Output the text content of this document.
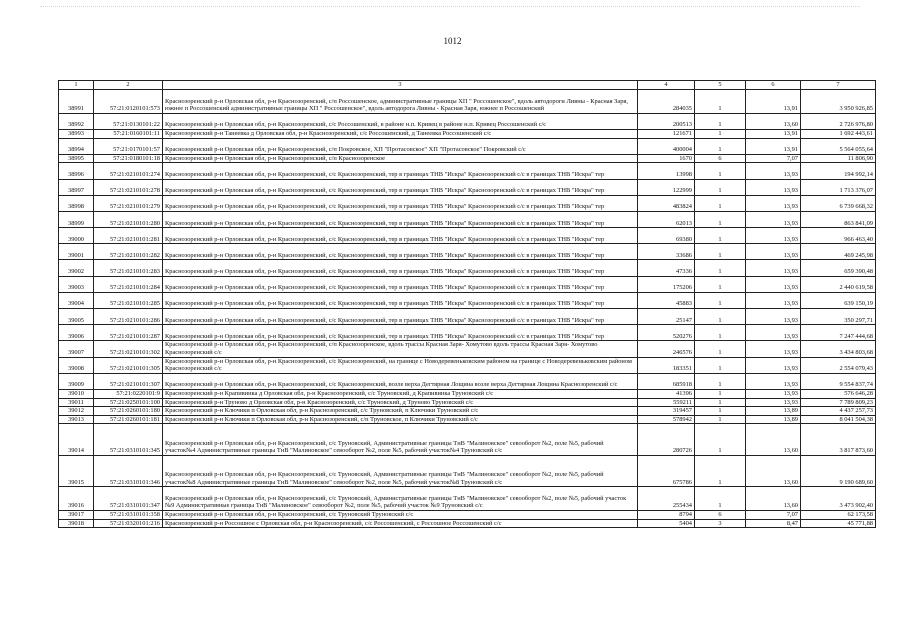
1012
1	2	3	4	5	6	7
38991	57:21:0120101:573	Краснозоренский р-н Орловская обл, р-н Краснозоренский, с/п Россошенское, административные границы ХП " Россошенское", вдоль автодороги Ливны - Красная Заря, южнее п Россошенский административные границы ХП " Россошенское", вдоль автодорога Ливны - Красная Заря, южнее п Россошенский	284035	1	13,91	3 950 926,85
38992	57:21:0130101:22	Краснозоренский р-н Орловская обл, р-н Краснозоренский, с/с Россошенский, в районе н.п. Кривец в районе н.п. Кривец Россошенский с/с	200513	1	13,60	2 726 976,80
38993	57:21:0160101:11	Краснозоренский р-н Танеевка д Орловская обл, р-н Краснозоренский, с/с Россошенский, д Танеевка Россошенский с/с	121671	1	13,91	1 692 443,61
38994	57:21:0170101:57	Краснозоренский р-н Орловская обл, р-н Краснозоренский, с/п Покровское, ХП "Протасовское" ХП "Протасовское" Покровский с/с	400004	1	13,91	5 564 055,64
38995	57:21:0180101:18	Краснозоренский р-н Орловская обл, р-н Краснозоренский, с/п Краснозоренское	1670	6	7,07	11 806,90
38996	57:21:0210101:274	Краснозоренский р-н Орловская обл, р-н Краснозоренский, с/с Краснозоренский, тер в границах ТНВ "Искра" Краснозоренский с/с в границах ТНВ "Искра" тер	13998	1	13,93	194 992,14
38997	57:21:0210101:278	Краснозоренский р-н Орловская обл, р-н Краснозоренский, с/с Краснозоренский, тер в границах ТНВ "Искра" Краснозоренский с/с в границах ТНВ "Искра" тер	122999	1	13,93	1 713 376,07
38998	57:21:0210101:279	Краснозоренский р-н Орловская обл, р-н Краснозоренский, с/с Краснозоренский, тер в границах ТНВ "Искра" Краснозоренский с/с в границах ТНВ "Искра" тер	483824	1	13,93	6 739 668,32
38999	57:21:0210101:280	Краснозоренский р-н Орловская обл, р-н Краснозоренский, с/с Краснозоренский, тер в границах ТНВ "Искра" Краснозоренский с/с в границах ТНВ "Искра" тер	62013	1	13,93	863 841,09
39000	57:21:0210101:281	Краснозоренский р-н Орловская обл, р-н Краснозоренский, с/с Краснозоренский, тер в границах ТНВ "Искра" Краснозоренский с/с в границах ТНВ "Искра" тер	69380	1	13,93	966 463,40
39001	57:21:0210101:282	Краснозоренский р-н Орловская обл, р-н Краснозоренский, с/с Краснозоренский, тер в границах ТНВ "Искра" Краснозоренский с/с в границах ТНВ "Искра" тер	33686	1	13,93	469 245,98
39002	57:21:0210101:283	Краснозоренский р-н Орловская обл, р-н Краснозоренский, с/с Краснозоренский, тер в границах ТНВ "Искра" Краснозоренский с/с в границах ТНВ "Искра" тер	47336	1	13,93	659 390,48
39003	57:21:0210101:284	Краснозоренский р-н Орловская обл, р-н Краснозоренский, с/с Краснозоренский, тер в границах ТНВ "Искра" Краснозоренский с/с в границах ТНВ "Искра" тер	175206	1	13,93	2 440 619,58
39004	57:21:0210101:285	Краснозоренский р-н Орловская обл, р-н Краснозоренский, с/с Краснозоренский, тер в границах ТНВ "Искра" Краснозоренский с/с в границах ТНВ "Искра" тер	45883	1	13,93	639 150,19
39005	57:21:0210101:286	Краснозоренский р-н Орловская обл, р-н Краснозоренский, с/с Краснозоренский, тер в границах ТНВ "Искра" Краснозоренский с/с в границах ТНВ "Искра" тер	25147	1	13,93	350 297,71
39006	57:21:0210101:287	Краснозоренский р-н Орловская обл, р-н Краснозоренский, с/с Краснозоренский, тер в границах ТНВ "Искра" Краснозоренский с/с в границах ТНВ "Искра" тер	520276	1	13,93	7 247 444,68
39007	57:21:0210101:302	Краснозоренский р-н Орловская обл, р-н Краснозоренский, с/п Краснозоренское, вдоль трассы Красная Заря- Хомутово вдоль трассы Красная Заря- Хомутово Краснозоренский с/с	246576	1	13,93	3 434 803,68
39008	57:21:0210101:305	Краснозоренский р-н Орловская обл, р-н Краснозоренский, с/с Краснозоренский, на границе с Новодеревеньковским районом на границе с Новодеревеньковским районом Краснозоренский с/с	183351	1	13,93	2 554 079,43
39009	57:21:0210101:307	Краснозоренский р-н Орловская обл, р-н Краснозоренский, с/с Краснозоренский, возле верха Дегтярная Лощина возле верха Дегтярная Лощина Краснозоренский с/с	685918	1	13,93	9 554 837,74
39010	57:21:0220101:9	Краснозоренский р-н Крапивинка д Орловская обл, р-н Краснозоренский, с/с Труновский, д Крапивинка Труновский с/с	41396	1	13,93	576 646,28
39011	57:21:0250101:100	Краснозоренский р-н Труново д Орловская обл, р-н Краснозоренский, с/с Труновский, д Труново Труновский с/с	559211	1	13,93	7 789 809,23
39012	57:21:0260101:180	Краснозоренский р-н Ключики п Орловская обл, р-н Краснозоренский, с/с Труновский, п Ключики Труновский с/с	319457	1	13,89	4 437 257,73
39013	57:21:0260101:181	Краснозоренский р-н Ключики п Орловская обл, р-н Краснозоренский, с/п Труновское, п Ключики Труновский с/с	578942	1	13,89	8 041 504,38
39014	57:21:0310101:345	Краснозоренский р-н Орловская обл, р-н Краснозоренский, с/с Труновский, Административные границы ТнВ "Малиновское" севооборот №2, поле №5, рабочий участок№4 Административные границы ТнВ "Малиновское" севооборот №2, поле №5, рабочий участок№4 Труновский с/с	280726	1	13,60	3 817 873,60
39015	57:21:0310101:346	Краснозоренский р-н Орловская обл, р-н Краснозоренский, с/с Труновский, Административные границы ТнВ "Малиновское" севооборот №2, поле №5, рабочий участок№8 Административные границы ТнВ "Малиновское" севооборот №2, поле №5, рабочий участок№8 Труновский с/с	675786	1	13,60	9 190 689,60
39016	57:21:0310101:347	Краснозоренский р-н Орловская обл, р-н Краснозоренский, с/с Труновский, Административные границы ТнВ "Малиновское" севооборот №2, поле №5, рабочий участок №9 Административные границы ТнВ "Малиновское" севооборот №2, поле №5, рабочий участок №9 Труновский с/с	255434	1	13,60	3 473 902,40
39017	57:21:0310101:358	Краснозоренский р-н Орловская обл, р-н Краснозоренский, с/с Труновский Труновский с/с	8794	6	7,07	62 173,58
39018	57:21:0320101:216	Краснозоренский р-н Россошное с Орловская обл, р-н Краснозоренский, с/с Россошенский, с Россошное Россошенский с/с	5404	3	8,47	45 771,88
